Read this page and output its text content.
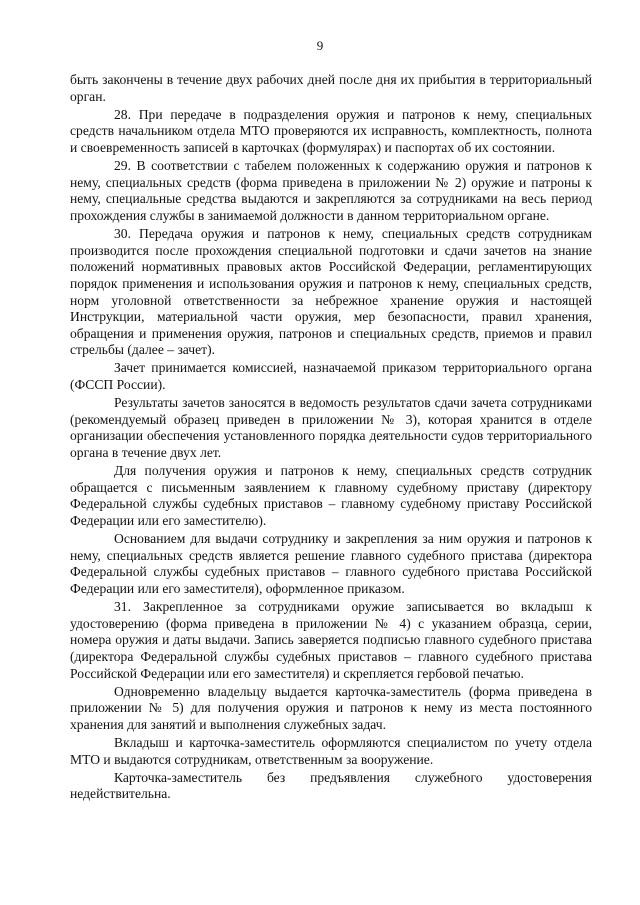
9

быть закончены в течение двух рабочих дней после дня их прибытия в территориальный орган.

28. При передаче в подразделения оружия и патронов к нему, специальных средств начальником отдела МТО проверяются их исправность, комплектность, полнота и своевременность записей в карточках (формулярах) и паспортах об их состоянии.

29. В соответствии с табелем положенных к содержанию оружия и патронов к нему, специальных средств (форма приведена в приложении № 2) оружие и патроны к нему, специальные средства выдаются и закрепляются за сотрудниками на весь период прохождения службы в занимаемой должности в данном территориальном органе.

30. Передача оружия и патронов к нему, специальных средств сотрудникам производится после прохождения специальной подготовки и сдачи зачетов на знание положений нормативных правовых актов Российской Федерации, регламентирующих порядок применения и использования оружия и патронов к нему, специальных средств, норм уголовной ответственности за небрежное хранение оружия и настоящей Инструкции, материальной части оружия, мер безопасности, правил хранения, обращения и применения оружия, патронов и специальных средств, приемов и правил стрельбы (далее – зачет).

Зачет принимается комиссией, назначаемой приказом территориального органа (ФССП России).

Результаты зачетов заносятся в ведомость результатов сдачи зачета сотрудниками (рекомендуемый образец приведен в приложении № 3), которая хранится в отделе организации обеспечения установленного порядка деятельности судов территориального органа в течение двух лет.

Для получения оружия и патронов к нему, специальных средств сотрудник обращается с письменным заявлением к главному судебному приставу (директору Федеральной службы судебных приставов – главному судебному приставу Российской Федерации или его заместителю).

Основанием для выдачи сотруднику и закрепления за ним оружия и патронов к нему, специальных средств является решение главного судебного пристава (директора Федеральной службы судебных приставов – главного судебного пристава Российской Федерации или его заместителя), оформленное приказом.

31. Закрепленное за сотрудниками оружие записывается во вкладыш к удостоверению (форма приведена в приложении № 4) с указанием образца, серии, номера оружия и даты выдачи. Запись заверяется подписью главного судебного пристава (директора Федеральной службы судебных приставов – главного судебного пристава Российской Федерации или его заместителя) и скрепляется гербовой печатью.

Одновременно владельцу выдается карточка-заместитель (форма приведена в приложении № 5) для получения оружия и патронов к нему из места постоянного хранения для занятий и выполнения служебных задач.

Вкладыш и карточка-заместитель оформляются специалистом по учету отдела МТО и выдаются сотрудникам, ответственным за вооружение.

Карточка-заместитель без предъявления служебного удостоверения недействительна.
